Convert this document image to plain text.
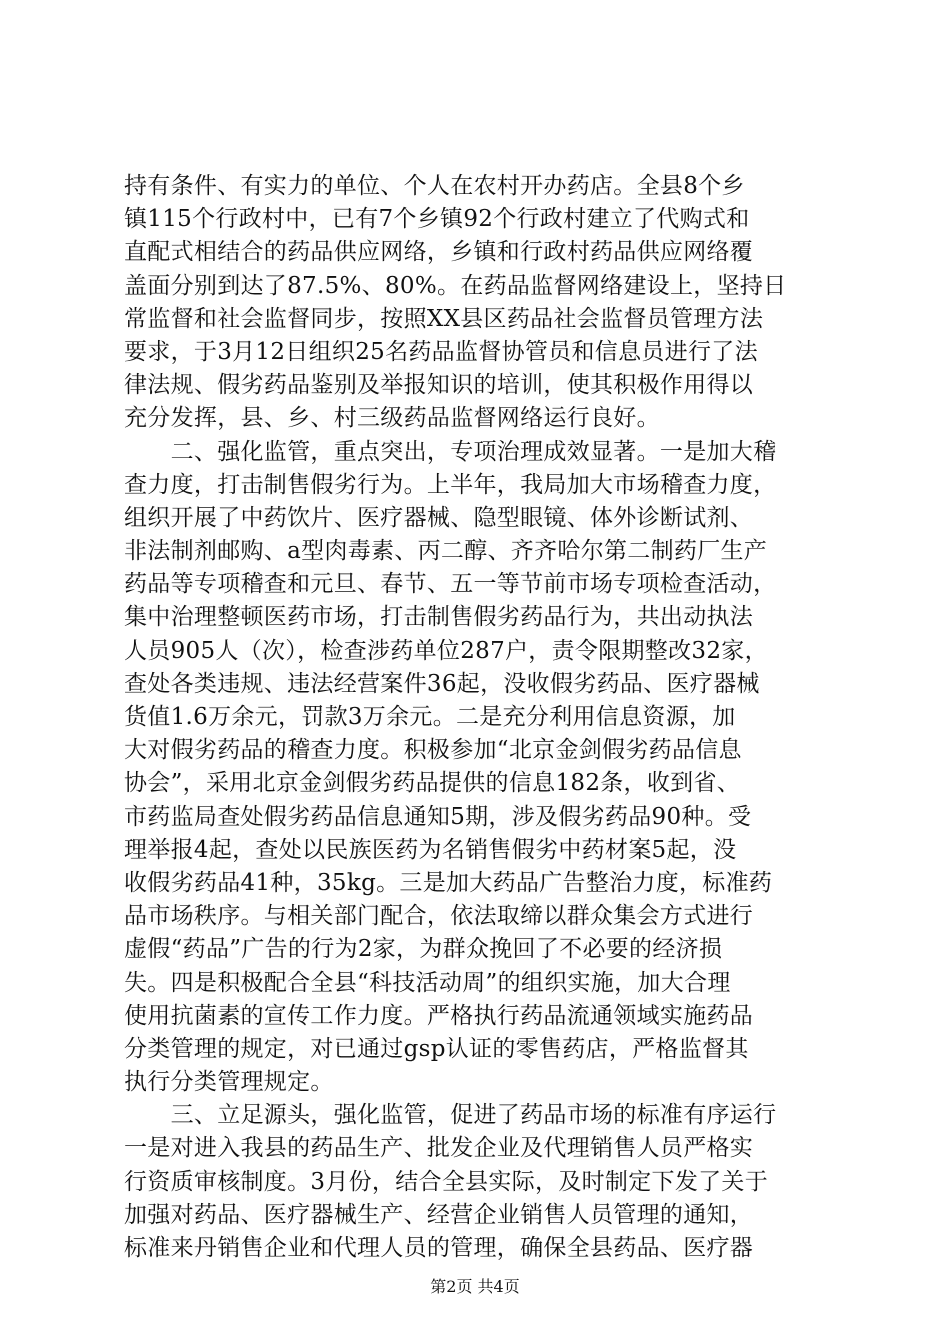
持有条件、有实力的单位、个人在农村开办药店。全县8个乡
镇115个行政村中，已有7个乡镇92个行政村建立了代购式和
直配式相结合的药品供应网络，乡镇和行政村药品供应网络覆
盖面分别到达了87.5%、80%。在药品监督网络建设上，坚持日
常监督和社会监督同步，按照XX县区药品社会监督员管理方法
要求，于3月12日组织25名药品监督协管员和信息员进行了法
律法规、假劣药品鉴别及举报知识的培训，使其积极作用得以
充分发挥，县、乡、村三级药品监督网络运行良好。
　　二、强化监管，重点突出，专项治理成效显著。一是加大稽
查力度，打击制售假劣行为。上半年，我局加大市场稽查力度，
组织开展了中药饮片、医疗器械、隐型眼镜、体外诊断试剂、
非法制剂邮购、a型肉毒素、丙二醇、齐齐哈尔第二制药厂生产
药品等专项稽查和元旦、春节、五一等节前市场专项检查活动，
集中治理整顿医药市场，打击制售假劣药品行为，共出动执法
人员905人（次），检查涉药单位287户，责令限期整改32家，
查处各类违规、违法经营案件36起，没收假劣药品、医疗器械
货值1.6万余元，罚款3万余元。二是充分利用信息资源，加
大对假劣药品的稽查力度。积极参加“北京金剑假劣药品信息
协会”，采用北京金剑假劣药品提供的信息182条，收到省、
市药监局查处假劣药品信息通知5期，涉及假劣药品90种。受
理举报4起，查处以民族医药为名销售假劣中药材案5起，没
收假劣药品41种，35kg。三是加大药品广告整治力度，标准药
品市场秩序。与相关部门配合，依法取缔以群众集会方式进行
虚假“药品”广告的行为2家，为群众挽回了不必要的经济损
失。四是积极配合全县“科技活动周”的组织实施，加大合理
使用抗菌素的宣传工作力度。严格执行药品流通领域实施药品
分类管理的规定，对已通过gsp认证的零售药店，严格监督其
执行分类管理规定。
　　三、立足源头，强化监管，促进了药品市场的标准有序运行
一是对进入我县的药品生产、批发企业及代理销售人员严格实
行资质审核制度。3月份，结合全县实际，及时制定下发了关于
加强对药品、医疗器械生产、经营企业销售人员管理的通知，
标准来丹销售企业和代理人员的管理，确保全县药品、医疗器
第2页 共4页
